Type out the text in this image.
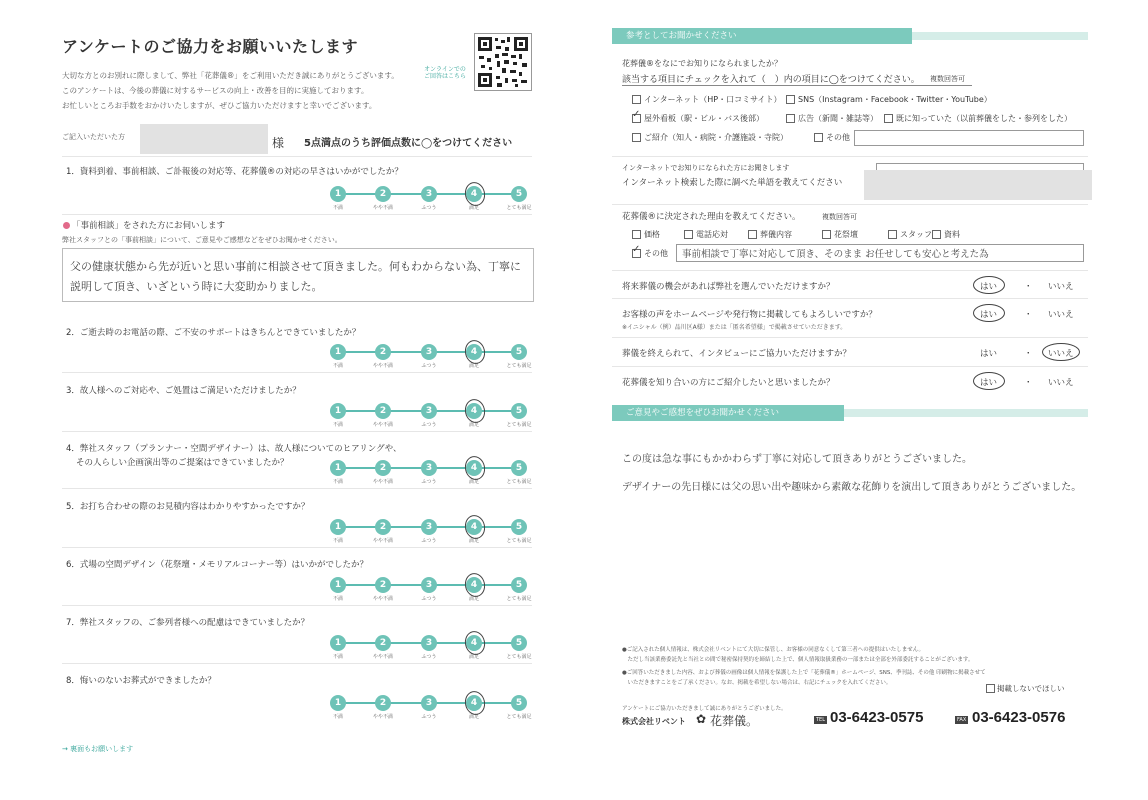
アンケートのご協力をお願いいたします
大切な方とのお別れに際しまして、弊社「花葬儀®」をご利用いただき誠にありがとうございます。
このアンケートは、今後の葬儀に対するサービスの向上・改善を目的に実施しております。
お忙しいところお手数をおかけいたしますが、ぜひご協力いただけますと幸いでございます。
オンラインでの
ご回答はこちら
ご記入いただいた方	様 5点満点のうち評価点数に◯をつけてください
「事前相談」をされた方にお伺いします
弊社スタッフとの「事前相談」について、ご意見やご感想などをぜひお聞かせください。
父の健康状態から先が近いと思い事前に相談させて頂きました。何もわからない為、丁寧に
説明して頂き、いざという時に大変助かりました。
1．資料到着、事前相談、ご訃報後の対応等、花葬儀®の対応の早さはいかがでしたか？
1
不満
2
やや不満
3
ふつう
4
満足
5
とても満足
2．ご逝去時のお電話の際、ご不安のサポートはきちんとできていましたか？
1
不満
2
やや不満
3
ふつう
4
満足
5
とても満足
3．故人様へのご対応や、ご処置はご満足いただけましたか？
1
不満
2
やや不満
3
ふつう
4
満足
5
とても満足
4．弊社スタッフ（プランナー・空間デザイナー）は、故人様についてのヒアリングや、
その人らしい企画演出等のご提案はできていましたか？	1
不満
2
やや不満
3
ふつう
4
満足
5
とても満足
5．お打ち合わせの際のお見積内容はわかりやすかったですか？
1
不満
2
やや不満
3
ふつう
4
満足
5
とても満足
6．式場の空間デザイン（花祭壇・メモリアルコーナー等）はいかがでしたか？
1
不満
2
やや不満
3
ふつう
4
満足
5
とても満足
7．弊社スタッフの、ご参列者様への配慮はできていましたか？
1
不満
2
やや不満
3
ふつう
4
満足
5
とても満足
8．悔いのないお葬式ができましたか？
1
不満
2
やや不満
3
ふつう
4
満足
5
とても満足
→ 裏面もお願いします
参考としてお聞かせください
花葬儀®をなにでお知りになられましたか？
該当する項目にチェックを入れて（　）内の項目に◯をつけてください。 複数回答可
インターネット（HP・口コミサイト） SNS（Instagram・Facebook・Twitter・YouTube）
✓ 屋外看板（駅・ビル・バス後部）	広告（新聞・雑誌等） 既に知っていた（以前葬儀をした・参列をした）
ご紹介（知人・病院・介護施設・寺院）	その他
インターネットでお知りになられた方にお聞きします
インターネット検索した際に調べた単語を教えてください
花葬儀®に決定された理由を教えてください。	複数回答可
価格	電話応対	葬儀内容	花祭壇	スタッフ 資料
✓ その他 事前相談で丁寧に対応して頂き、そのまま お任せしても安心と考えた為
将来葬儀の機会があれば弊社を選んでいただけますか？	はい	・ いいえ
お客様の声をホームページや発行物に掲載してもよろしいですか？
※イニシャル（例）品川区A様）または「匿名希望様」で掲載させていただきます。
はい	・ いいえ
葬儀を終えられて、インタビューにご協力いただけますか？	はい	・ いいえ
花葬儀を知り合いの方にご紹介したいと思いましたか？	はい	・ いいえ
ご意見やご感想をぜひお聞かせください
この度は急な事にもかかわらず丁寧に対応して頂きありがとうございました。
デザイナーの先日様には父の思い出や趣味から素敵な花飾りを演出して頂きありがとうございました。
●ご記入された個人情報は、株式会社リベントにて大切に保管し、お客様の同意なくして第三者への提供はいたしません。
　ただし当該業務委託先と当社との間で秘密保持契約を締結した上で、個人情報取扱業務の一部または全部を外部委託することがございます。
●ご回答いただきました内容、および葬儀の画像は個人情報を保護した上で「花葬儀®」ホームページ、SNS、季刊誌、その他 印刷物に掲載させて
　いただきますことをご了承ください。なお、掲載を希望しない場合は、右記にチェックを入れてください。
掲載しないでほしい
アンケートにご協力いただきまして誠にありがとうございました。
株式会社リベント ✿ 花葬儀。	TEL 03-6423-0575	FAX 03-6423-0576
